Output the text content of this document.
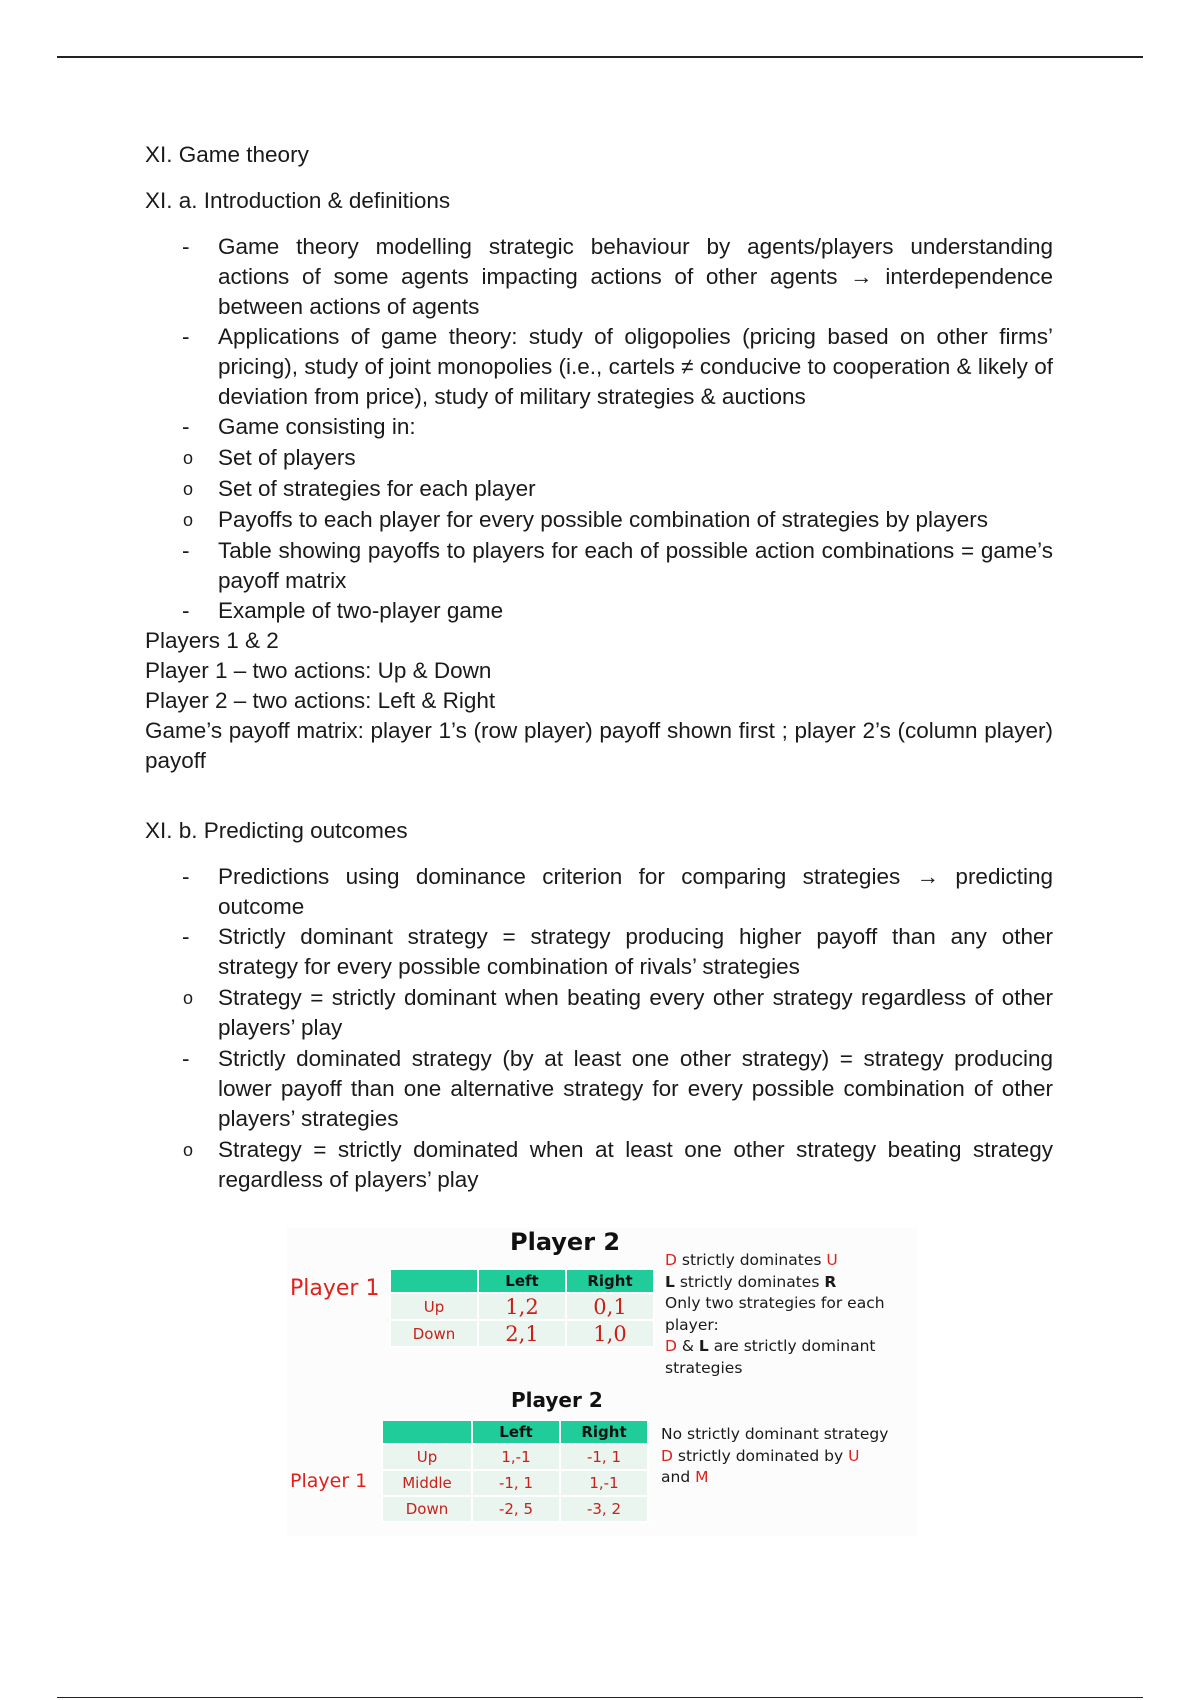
XI. Game theory
XI. a. Introduction & definitions
- Game theory modelling strategic behaviour by agents/players understanding actions of some agents impacting actions of other agents → interdependence between actions of agents
- Applications of game theory: study of oligopolies (pricing based on other firms’ pricing), study of joint monopolies (i.e., cartels ≠ conducive to cooperation & likely of deviation from price), study of military strategies & auctions
- Game consisting in:
o Set of players
o Set of strategies for each player
o Payoffs to each player for every possible combination of strategies by players
- Table showing payoffs to players for each of possible action combinations = game’s payoff matrix
- Example of two-player game

Players 1 & 2

Player 1 – two actions: Up & Down

Player 2 – two actions: Left & Right

Game’s payoff matrix: player 1’s (row player) payoff shown first ; player 2’s (column player) payoff

XI. b. Predicting outcomes
- Predictions using dominance criterion for comparing strategies → predicting outcome
- Strictly dominant strategy = strategy producing higher payoff than any other strategy for every possible combination of rivals’ strategies
o Strategy = strictly dominant when beating every other strategy regardless of other players’ play
- Strictly dominated strategy (by at least one other strategy) = strategy producing lower payoff than one alternative strategy for every possible combination of other players’ strategies
o Strategy = strictly dominated when at least one other strategy beating strategy regardless of players’ play
Player 2
Player 1
		Left	Right
Up	1,2	0,1
Down	2,1	1,0
D strictly dominates U
L strictly dominates R
Only two strategies for each
player:
D & L are strictly dominant
strategies
Player 2
Player 1
	Left	Right
Up	1,-1	-1, 1
Middle	-1, 1	1,-1
Down	-2, 5	-3, 2
No strictly dominant strategy
D strictly dominated by U
and M
